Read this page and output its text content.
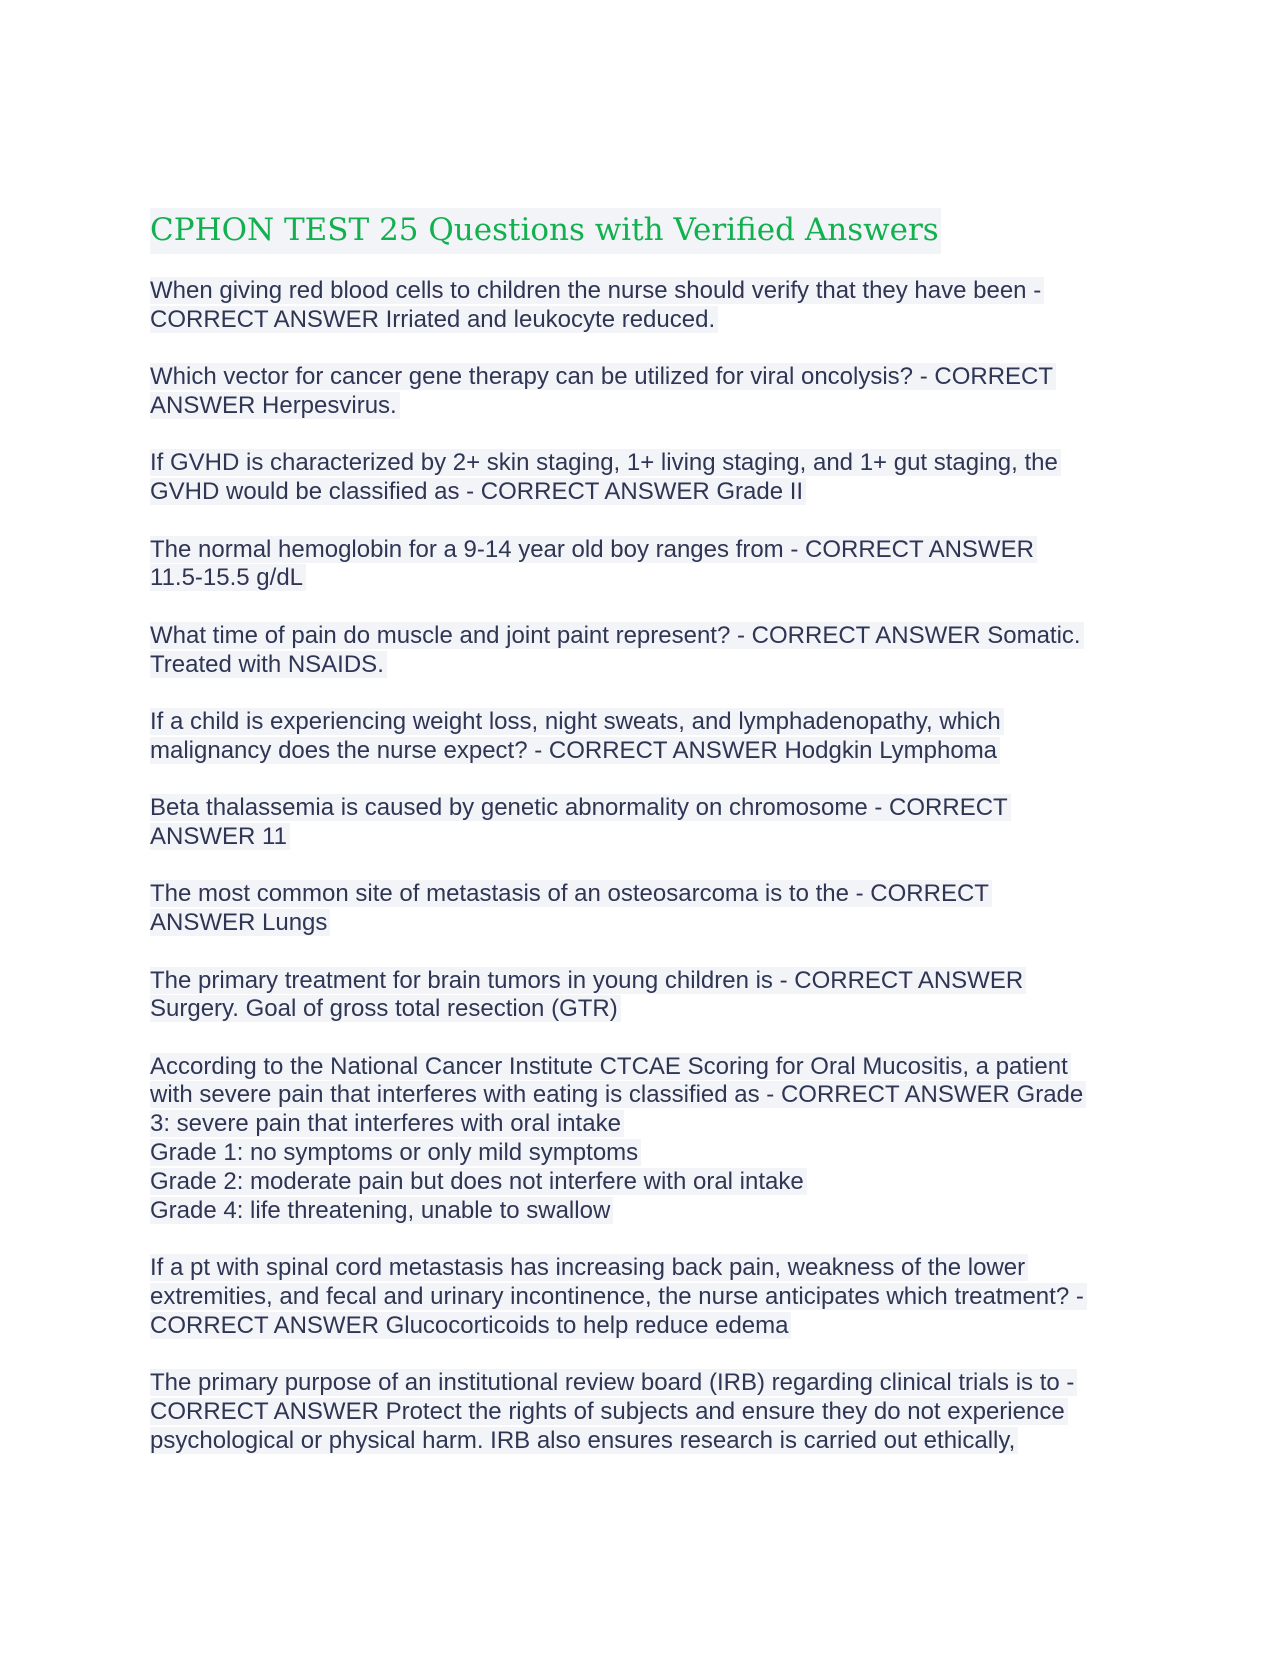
CPHON TEST 25 Questions with Verified Answers
When giving red blood cells to children the nurse should verify that they have been -
CORRECT ANSWER Irriated and leukocyte reduced.
Which vector for cancer gene therapy can be utilized for viral oncolysis? - CORRECT
ANSWER Herpesvirus.
If GVHD is characterized by 2+ skin staging, 1+ living staging, and 1+ gut staging, the
GVHD would be classified as - CORRECT ANSWER Grade II
The normal hemoglobin for a 9-14 year old boy ranges from - CORRECT ANSWER
11.5-15.5 g/dL
What time of pain do muscle and joint paint represent? - CORRECT ANSWER Somatic.
Treated with NSAIDS.
If a child is experiencing weight loss, night sweats, and lymphadenopathy, which
malignancy does the nurse expect? - CORRECT ANSWER Hodgkin Lymphoma
Beta thalassemia is caused by genetic abnormality on chromosome - CORRECT
ANSWER 11
The most common site of metastasis of an osteosarcoma is to the - CORRECT
ANSWER Lungs
The primary treatment for brain tumors in young children is - CORRECT ANSWER
Surgery. Goal of gross total resection (GTR)
According to the National Cancer Institute CTCAE Scoring for Oral Mucositis, a patient
with severe pain that interferes with eating is classified as - CORRECT ANSWER Grade
3: severe pain that interferes with oral intake
Grade 1: no symptoms or only mild symptoms
Grade 2: moderate pain but does not interfere with oral intake
Grade 4: life threatening, unable to swallow
If a pt with spinal cord metastasis has increasing back pain, weakness of the lower
extremities, and fecal and urinary incontinence, the nurse anticipates which treatment? -
CORRECT ANSWER Glucocorticoids to help reduce edema
The primary purpose of an institutional review board (IRB) regarding clinical trials is to -
CORRECT ANSWER Protect the rights of subjects and ensure they do not experience
psychological or physical harm. IRB also ensures research is carried out ethically,
